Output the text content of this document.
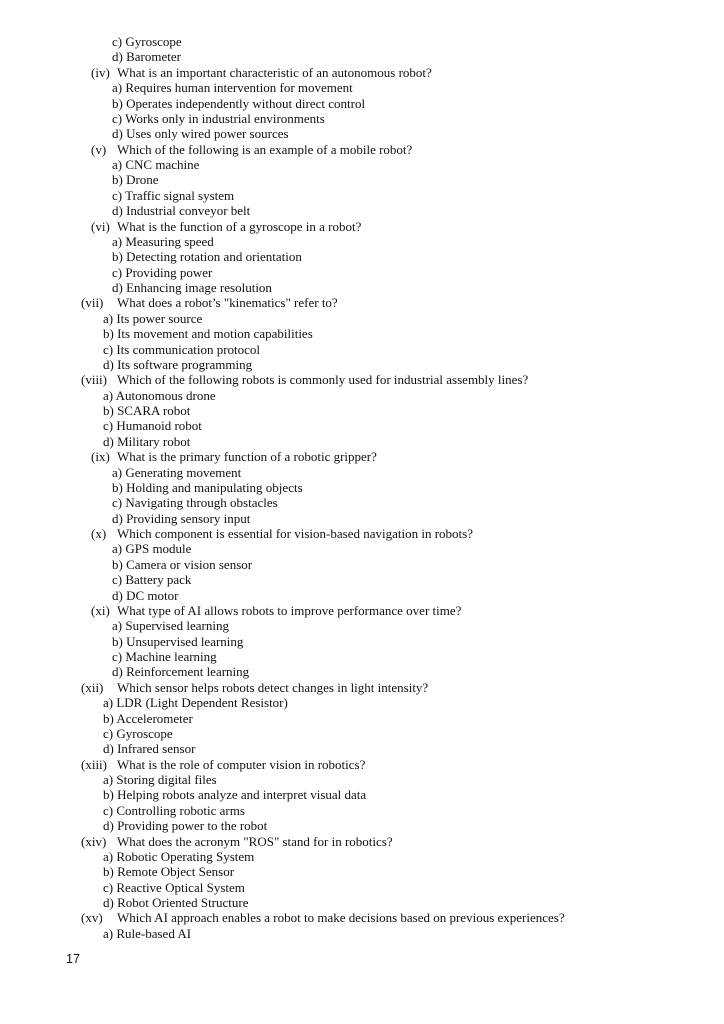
c) Gyroscope
d) Barometer
(iv) What is an important characteristic of an autonomous robot?
a) Requires human intervention for movement
b) Operates independently without direct control
c) Works only in industrial environments
d) Uses only wired power sources
(v) Which of the following is an example of a mobile robot?
a) CNC machine
b) Drone
c) Traffic signal system
d) Industrial conveyor belt
(vi) What is the function of a gyroscope in a robot?
a) Measuring speed
b) Detecting rotation and orientation
c) Providing power
d) Enhancing image resolution
(vii) What does a robot’s "kinematics" refer to?
a) Its power source
b) Its movement and motion capabilities
c) Its communication protocol
d) Its software programming
(viii) Which of the following robots is commonly used for industrial assembly lines?
a) Autonomous drone
b) SCARA robot
c) Humanoid robot
d) Military robot
(ix) What is the primary function of a robotic gripper?
a) Generating movement
b) Holding and manipulating objects
c) Navigating through obstacles
d) Providing sensory input
(x) Which component is essential for vision-based navigation in robots?
a) GPS module
b) Camera or vision sensor
c) Battery pack
d) DC motor
(xi) What type of AI allows robots to improve performance over time?
a) Supervised learning
b) Unsupervised learning
c) Machine learning
d) Reinforcement learning
(xii) Which sensor helps robots detect changes in light intensity?
a) LDR (Light Dependent Resistor)
b) Accelerometer
c) Gyroscope
d) Infrared sensor
(xiii) What is the role of computer vision in robotics?
a) Storing digital files
b) Helping robots analyze and interpret visual data
c) Controlling robotic arms
d) Providing power to the robot
(xiv) What does the acronym "ROS" stand for in robotics?
a) Robotic Operating System
b) Remote Object Sensor
c) Reactive Optical System
d) Robot Oriented Structure
(xv) Which AI approach enables a robot to make decisions based on previous experiences?
a) Rule-based AI
17
